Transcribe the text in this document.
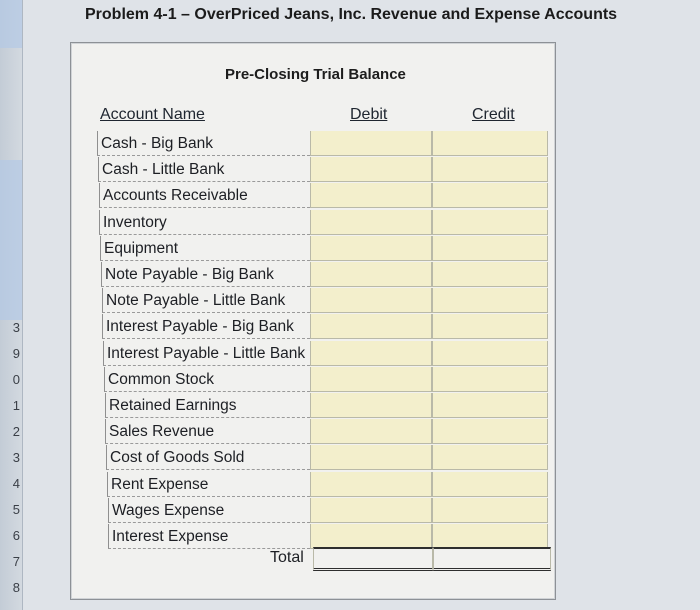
3
9
0
1
2
3
4
5
6
7
8
Problem 4-1 – OverPriced Jeans, Inc. Revenue and Expense Accounts
Pre-Closing Trial Balance
Account Name	Debit	Credit
Cash - Big Bank
Cash - Little Bank
Accounts Receivable
Inventory
Equipment
Note Payable - Big Bank
Note Payable - Little Bank
Interest Payable - Big Bank
Interest Payable - Little Bank
Common Stock
Retained Earnings
Sales Revenue
Cost of Goods Sold
Rent Expense
Wages Expense
Interest Expense
Total
